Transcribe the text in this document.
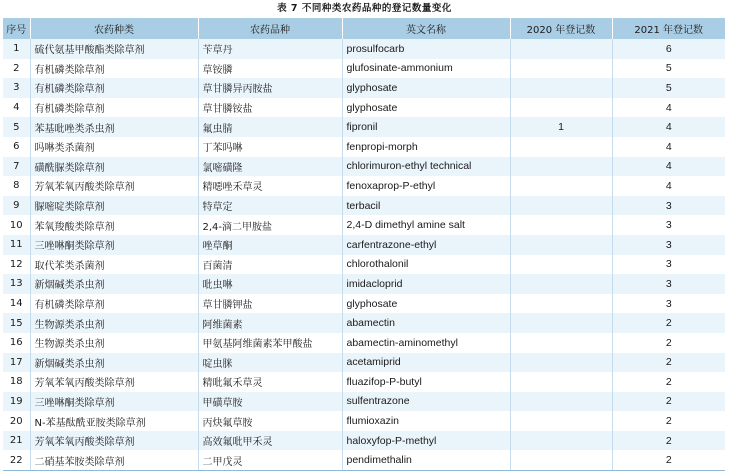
表 7 不同种类农药品种的登记数量变化
序号	农药种类	农药品种	英文名称	2020 年登记数	2021 年登记数
1	硫代氨基甲酸酯类除草剂	苄草丹	prosulfocarb		6
2	有机磷类除草剂	草铵膦	glufosinate-ammonium		5
3	有机磷类除草剂	草甘膦异丙胺盐	glyphosate		5
4	有机磷类除草剂	草甘膦铵盐	glyphosate		4
5	苯基吡唑类杀虫剂	氟虫腈	fipronil	1	4
6	吗啉类杀菌剂	丁苯吗啉	fenpropi-morph		4
7	磺酰脲类除草剂	氯嘧磺隆	chlorimuron-ethyl technical		4
8	芳氧苯氧丙酸类除草剂	精噁唑禾草灵	fenoxaprop-P-ethyl		4
9	脲嘧啶类除草剂	特草定	terbacil		3
10	苯氧羧酸类除草剂	2,4-滴二甲胺盐	2,4-D dimethyl amine salt		3
11	三唑啉酮类除草剂	唑草酮	carfentrazone-ethyl		3
12	取代苯类杀菌剂	百菌清	chlorothalonil		3
13	新烟碱类杀虫剂	吡虫啉	imidacloprid		3
14	有机磷类除草剂	草甘膦钾盐	glyphosate		3
15	生物源类杀虫剂	阿维菌素	abamectin		2
16	生物源类杀虫剂	甲氨基阿维菌素苯甲酸盐	abamectin-aminomethyl		2
17	新烟碱类杀虫剂	啶虫脒	acetamiprid		2
18	芳氧苯氧丙酸类除草剂	精吡氟禾草灵	fluazifop-P-butyl		2
19	三唑啉酮类除草剂	甲磺草胺	sulfentrazone		2
20	N-苯基酞酰亚胺类除草剂	丙炔氟草胺	flumioxazin		2
21	芳氧苯氧丙酸类除草剂	高效氟吡甲禾灵	haloxyfop-P-methyl		2
22	二硝基苯胺类除草剂	二甲戊灵	pendimethalin		2
